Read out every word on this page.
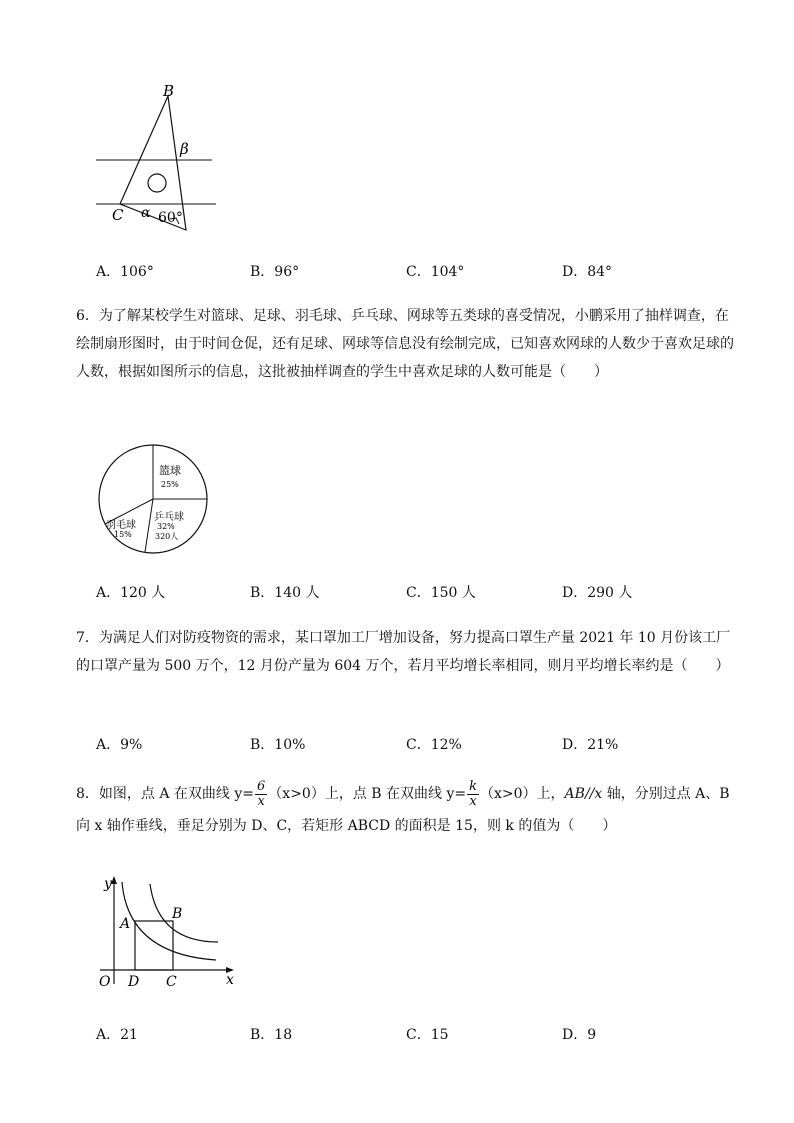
B
β
C α 60°
A．106°	B．96°	C．104°	D．84°
6．为了解某校学生对篮球、足球、羽毛球、乒乓球、网球等五类球的喜受情况，小鹏采用了抽样调查，在绘制扇形图时，由于时间仓促，还有足球、网球等信息没有绘制完成，已知喜欢网球的人数少于喜欢足球的人数，根据如图所示的信息，这批被抽样调查的学生中喜欢足球的人数可能是（　　）
篮球
25%
乒乓球
32%
320人
羽毛球
15%
A．120 人	B．140 人	C．150 人	D．290 人
7．为满足人们对防疫物资的需求，某口罩加工厂增加设备，努力提高口罩生产量 2021 年 10 月份该工厂的口罩产量为 500 万个，12 月份产量为 604 万个，若月平均增长率相同，则月平均增长率约是（　　）
A．9%	B．10%	C．12%	D．21%
8．如图，点 A 在双曲线 $y= \frac{6}{x} (x>0)$上，点 B 在双曲线 $y= \frac{k}{x} (x>0)$上，AB//x 轴，分别过点 A、B 向 x 轴作垂线，垂足分别为 D、C，若矩形 ABCD 的面积是 15，则 k 的值为（　　）
y
x
O
A
B
D C
A．21	B．18	C．15	D．9
